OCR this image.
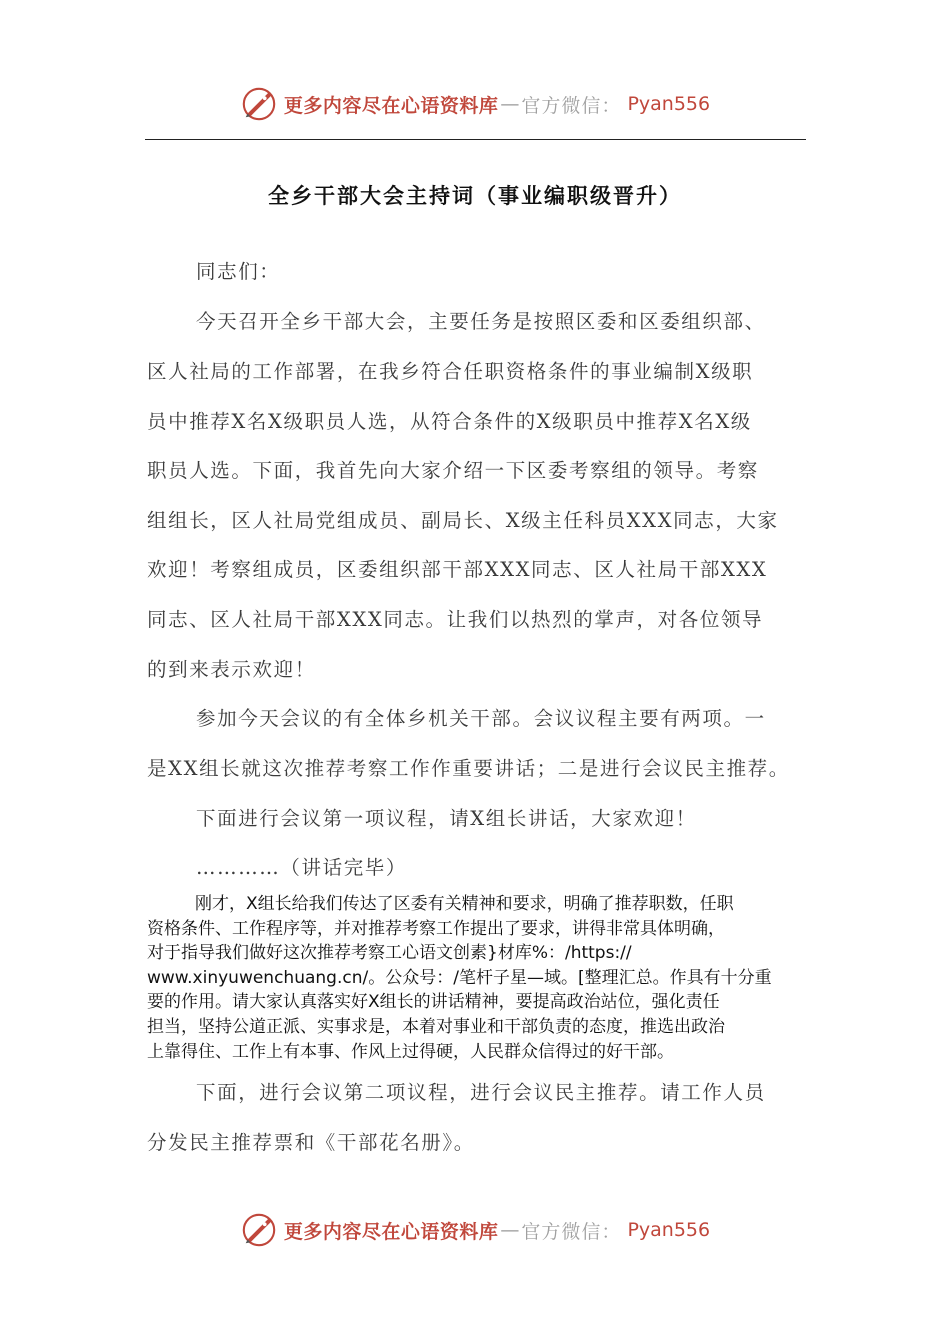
更多内容尽在心语资料库 — 官方微信： Pyan556
全乡干部大会主持词（事业编职级晋升）
同志们：
今天召开全乡干部大会，主要任务是按照区委和区委组织部、
区人社局的工作部署，在我乡符合任职资格条件的事业编制X级职
员中推荐X名X级职员人选，从符合条件的X级职员中推荐X名X级
职员人选。下面，我首先向大家介绍一下区委考察组的领导。考察
组组长，区人社局党组成员、副局长、X级主任科员XXX同志，大家
欢迎！考察组成员，区委组织部干部XXX同志、区人社局干部XXX
同志、区人社局干部XXX同志。让我们以热烈的掌声，对各位领导
的到来表示欢迎！
参加今天会议的有全体乡机关干部。会议议程主要有两项。一
是XX组长就这次推荐考察工作作重要讲话；二是进行会议民主推荐。
下面进行会议第一项议程，请X组长讲话，大家欢迎！
…………（讲话完毕）
刚才，X组长给我们传达了区委有关精神和要求，明确了推荐职数，任职
资格条件、工作程序等，并对推荐考察工作提出了要求，讲得非常具体明确，
对于指导我们做好这次推荐考察工心语文创素}材库%：/https://
www.xinyuwenchuang.cn/。公众号：/笔杆子星—域。[整理汇总。作具有十分重
要的作用。请大家认真落实好X组长的讲话精神，要提高政治站位，强化责任
担当，坚持公道正派、实事求是，本着对事业和干部负责的态度，推选出政治
上靠得住、工作上有本事、作风上过得硬，人民群众信得过的好干部。
下面，进行会议第二项议程，进行会议民主推荐。请工作人员
分发民主推荐票和《干部花名册》。
更多内容尽在心语资料库 — 官方微信： Pyan556
